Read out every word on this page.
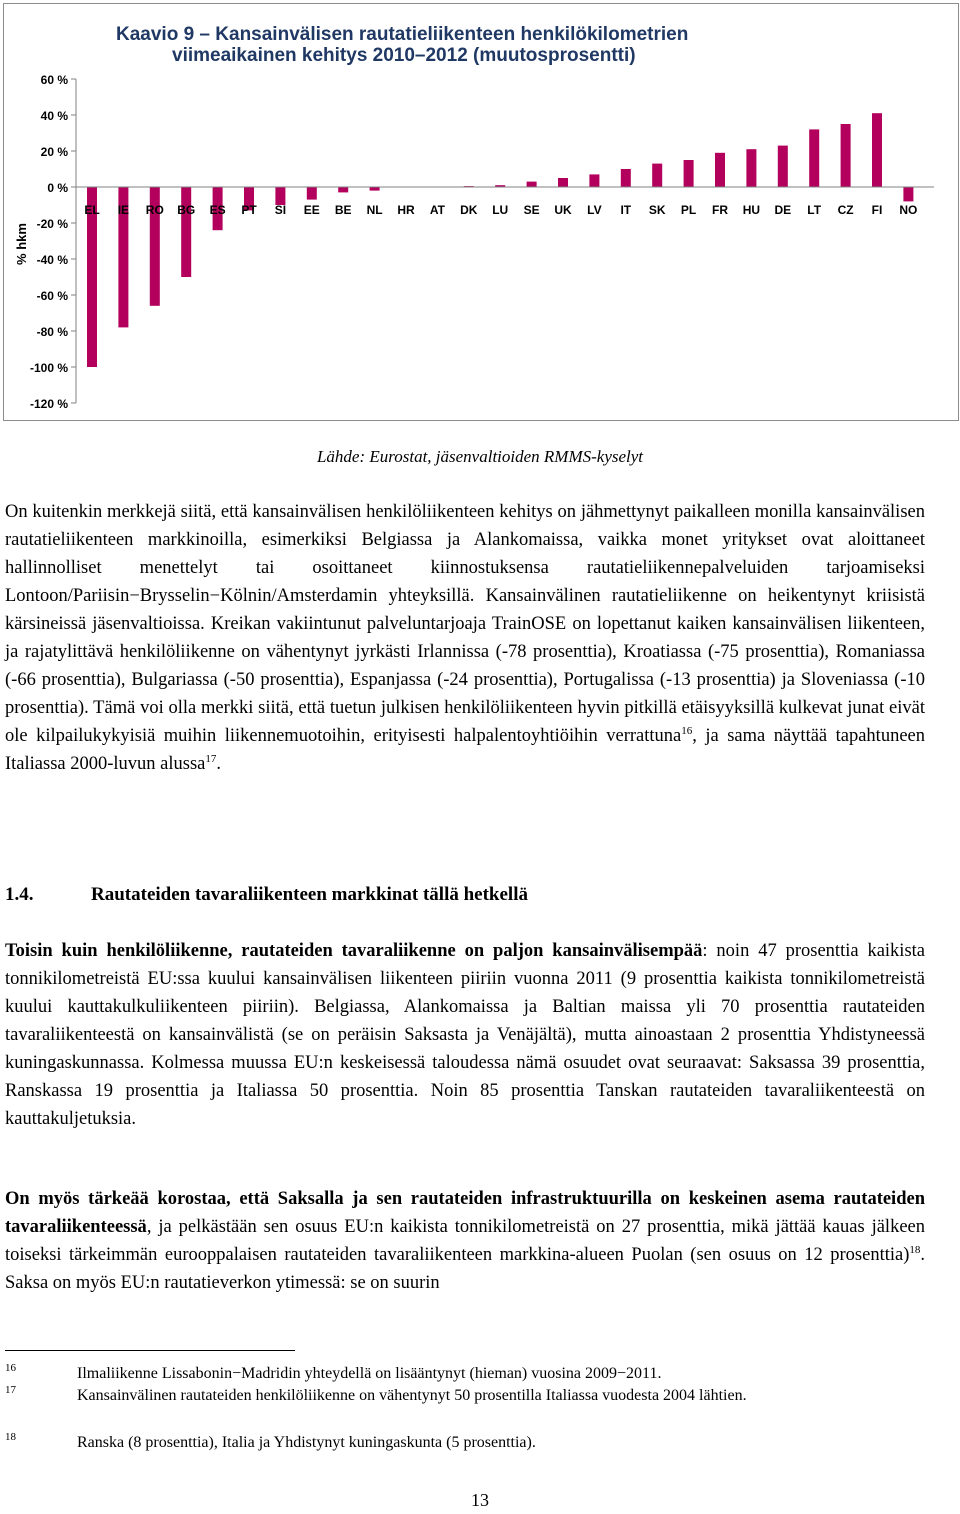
Kaavio 9 – Kansainvälisen rautatieliikenteen henkilökilometrien
viimeaikainen kehitys 2010–2012 (muutosprosentti)
% hkm
60 %
40 %
20 %
0 %
-20 %
-40 %
-60 %
-80 %
-100 %
-120 %
EL IE RO BG ES PT SI EE BE NL HR AT DK LU SE UK LV IT SK PL FR HU DE LT CZ FI NO
Lähde: Eurostat, jäsenvaltioiden RMMS-kyselyt

On kuitenkin merkkejä siitä, että kansainvälisen henkilöliikenteen kehitys on jähmettynyt paikalleen monilla kansainvälisen rautatieliikenteen markkinoilla, esimerkiksi Belgiassa ja Alankomaissa, vaikka monet yritykset ovat aloittaneet hallinnolliset menettelyt tai osoittaneet kiinnostuksensa rautatieliikennepalveluiden tarjoamiseksi Lontoon/Pariisin−Brysselin−Kölnin/Amsterdamin yhteyksillä. Kansainvälinen rautatieliikenne on heikentynyt kriisistä kärsineissä jäsenvaltioissa. Kreikan vakiintunut palveluntarjoaja TrainOSE on lopettanut kaiken kansainvälisen liikenteen, ja rajatylittävä henkilöliikenne on vähentynyt jyrkästi Irlannissa (-78 prosenttia), Kroatiassa (-75 prosenttia), Romaniassa (-66 prosenttia), Bulgariassa (-50 prosenttia), Espanjassa (-24 prosenttia), Portugalissa (-13 prosenttia) ja Sloveniassa (-10 prosenttia). Tämä voi olla merkki siitä, että tuetun julkisen henkilöliikenteen hyvin pitkillä etäisyyksillä kulkevat junat eivät ole kilpailukykyisiä muihin liikennemuotoihin, erityisesti halpalentoyhtiöihin verrattuna$^{16}$, ja sama näyttää tapahtuneen Italiassa 2000-luvun alussa$^{17}$.

1.4.	Rautateiden tavaraliikenteen markkinat tällä hetkellä

Toisin kuin henkilöliikenne, rautateiden tavaraliikenne on paljon kansainvälisempää: noin 47 prosenttia kaikista tonnikilometreistä EU:ssa kuului kansainvälisen liikenteen piiriin vuonna 2011 (9 prosenttia kaikista tonnikilometreistä kuului kauttakulkuliikenteen piiriin). Belgiassa, Alankomaissa ja Baltian maissa yli 70 prosenttia rautateiden tavaraliikenteestä on kansainvälistä (se on peräisin Saksasta ja Venäjältä), mutta ainoastaan 2 prosenttia Yhdistyneessä kuningaskunnassa. Kolmessa muussa EU:n keskeisessä taloudessa nämä osuudet ovat seuraavat: Saksassa 39 prosenttia, Ranskassa 19 prosenttia ja Italiassa 50 prosenttia. Noin 85 prosenttia Tanskan rautateiden tavaraliikenteestä on kauttakuljetuksia.

On myös tärkeää korostaa, että Saksalla ja sen rautateiden infrastruktuurilla on keskeinen asema rautateiden tavaraliikenteessä, ja pelkästään sen osuus EU:n kaikista tonnikilometreistä on 27 prosenttia, mikä jättää kauas jälkeen toiseksi tärkeimmän eurooppalaisen rautateiden tavaraliikenteen markkina-alueen Puolan (sen osuus on 12 prosenttia)$^{18}$. Saksa on myös EU:n rautatieverkon ytimessä: se on suurin

16	Ilmaliikenne Lissabonin−Madridin yhteydellä on lisääntynyt (hieman) vuosina 2009−2011.
17	Kansainvälinen rautateiden henkilöliikenne on vähentynyt 50 prosentilla Italiassa vuodesta 2004 lähtien.
18	Ranska (8 prosenttia), Italia ja Yhdistynyt kuningaskunta (5 prosenttia).
13
